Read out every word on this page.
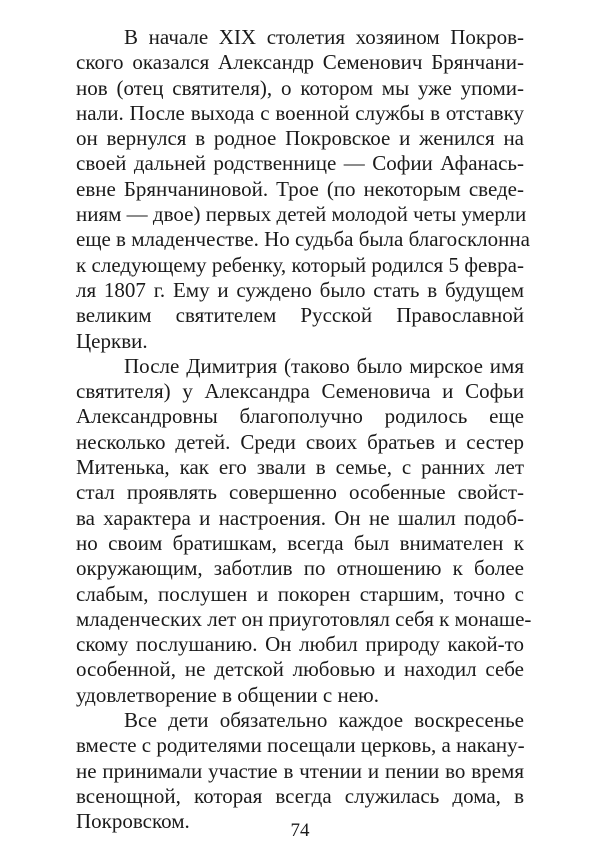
В начале XIX столетия хозяином Покров-
ского оказался Александр Семенович Брянчани-
нов (отец святителя), о котором мы уже упоми-
нали. После выхода с военной службы в отставку
он вернулся в родное Покровское и женился на
своей дальней родственнице — Софии Афанась-
евне Брянчаниновой. Трое (по некоторым сведе-
ниям — двое) первых детей молодой четы умерли
еще в младенчестве. Но судьба была благосклонна
к следующему ребенку, который родился 5 февра-
ля 1807 г. Ему и суждено было стать в будущем
великим святителем Русской Православной
Церкви.
После Димитрия (таково было мирское имя
святителя) у Александра Семеновича и Софьи
Александровны благополучно родилось еще
несколько детей. Среди своих братьев и сестер
Митенька, как его звали в семье, с ранних лет
стал проявлять совершенно особенные свойст-
ва характера и настроения. Он не шалил подоб-
но своим братишкам, всегда был внимателен к
окружающим, заботлив по отношению к более
слабым, послушен и покорен старшим, точно с
младенческих лет он приуготовлял себя к монаше-
скому послушанию. Он любил природу какой-то
особенной, не детской любовью и находил себе
удовлетворение в общении с нею.
Все дети обязательно каждое воскресенье
вместе с родителями посещали церковь, а накану-
не принимали участие в чтении и пении во время
всенощной, которая всегда служилась дома, в
Покровском.	74
